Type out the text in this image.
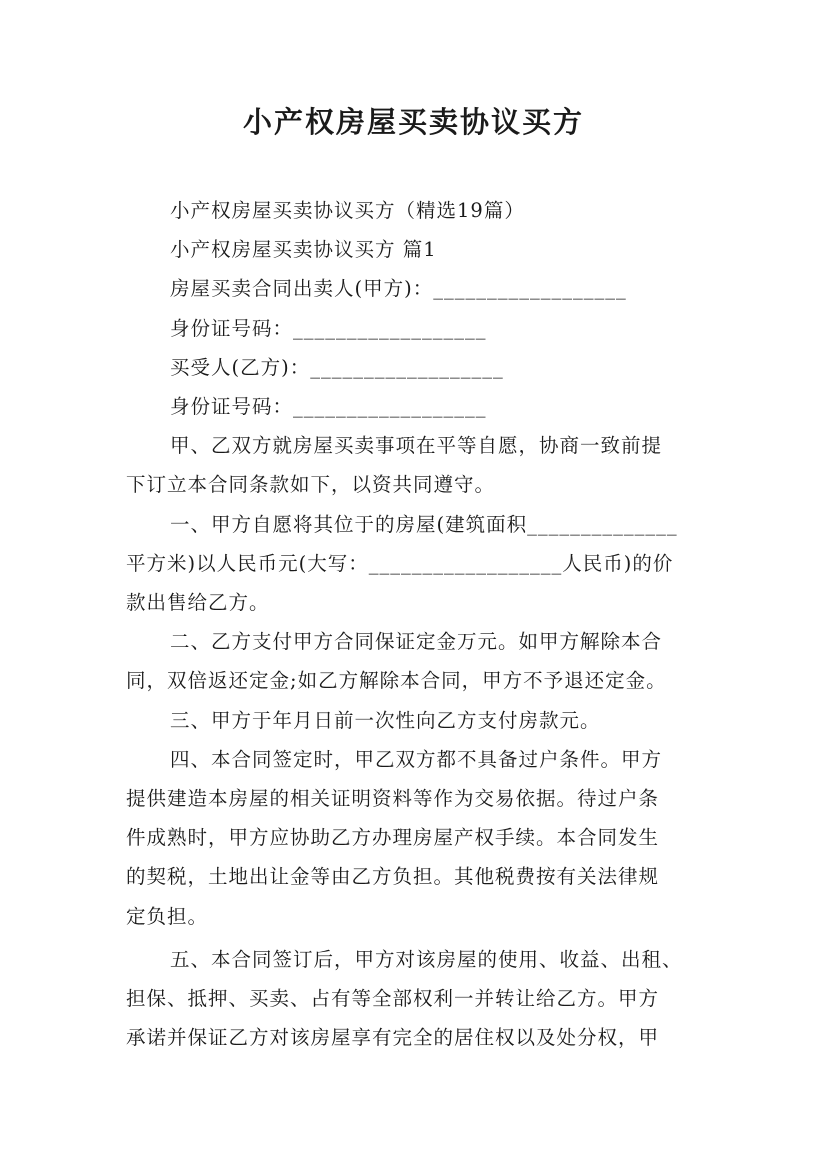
小产权房屋买卖协议买方
小产权房屋买卖协议买方（精选19篇）
小产权房屋买卖协议买方 篇1
房屋买卖合同出卖人(甲方)：__________________
身份证号码：__________________
买受人(乙方)：__________________
身份证号码：__________________
甲、乙双方就房屋买卖事项在平等自愿，协商一致前提
下订立本合同条款如下，以资共同遵守。
一、甲方自愿将其位于的房屋(建筑面积______________
平方米)以人民币元(大写：__________________人民币)的价
款出售给乙方。
二、乙方支付甲方合同保证定金万元。如甲方解除本合
同，双倍返还定金;如乙方解除本合同，甲方不予退还定金。
三、甲方于年月日前一次性向乙方支付房款元。
四、本合同签定时，甲乙双方都不具备过户条件。甲方
提供建造本房屋的相关证明资料等作为交易依据。待过户条
件成熟时，甲方应协助乙方办理房屋产权手续。本合同发生
的契税，土地出让金等由乙方负担。其他税费按有关法律规
定负担。
五、本合同签订后，甲方对该房屋的使用、收益、出租、
担保、抵押、买卖、占有等全部权利一并转让给乙方。甲方
承诺并保证乙方对该房屋享有完全的居住权以及处分权，甲
